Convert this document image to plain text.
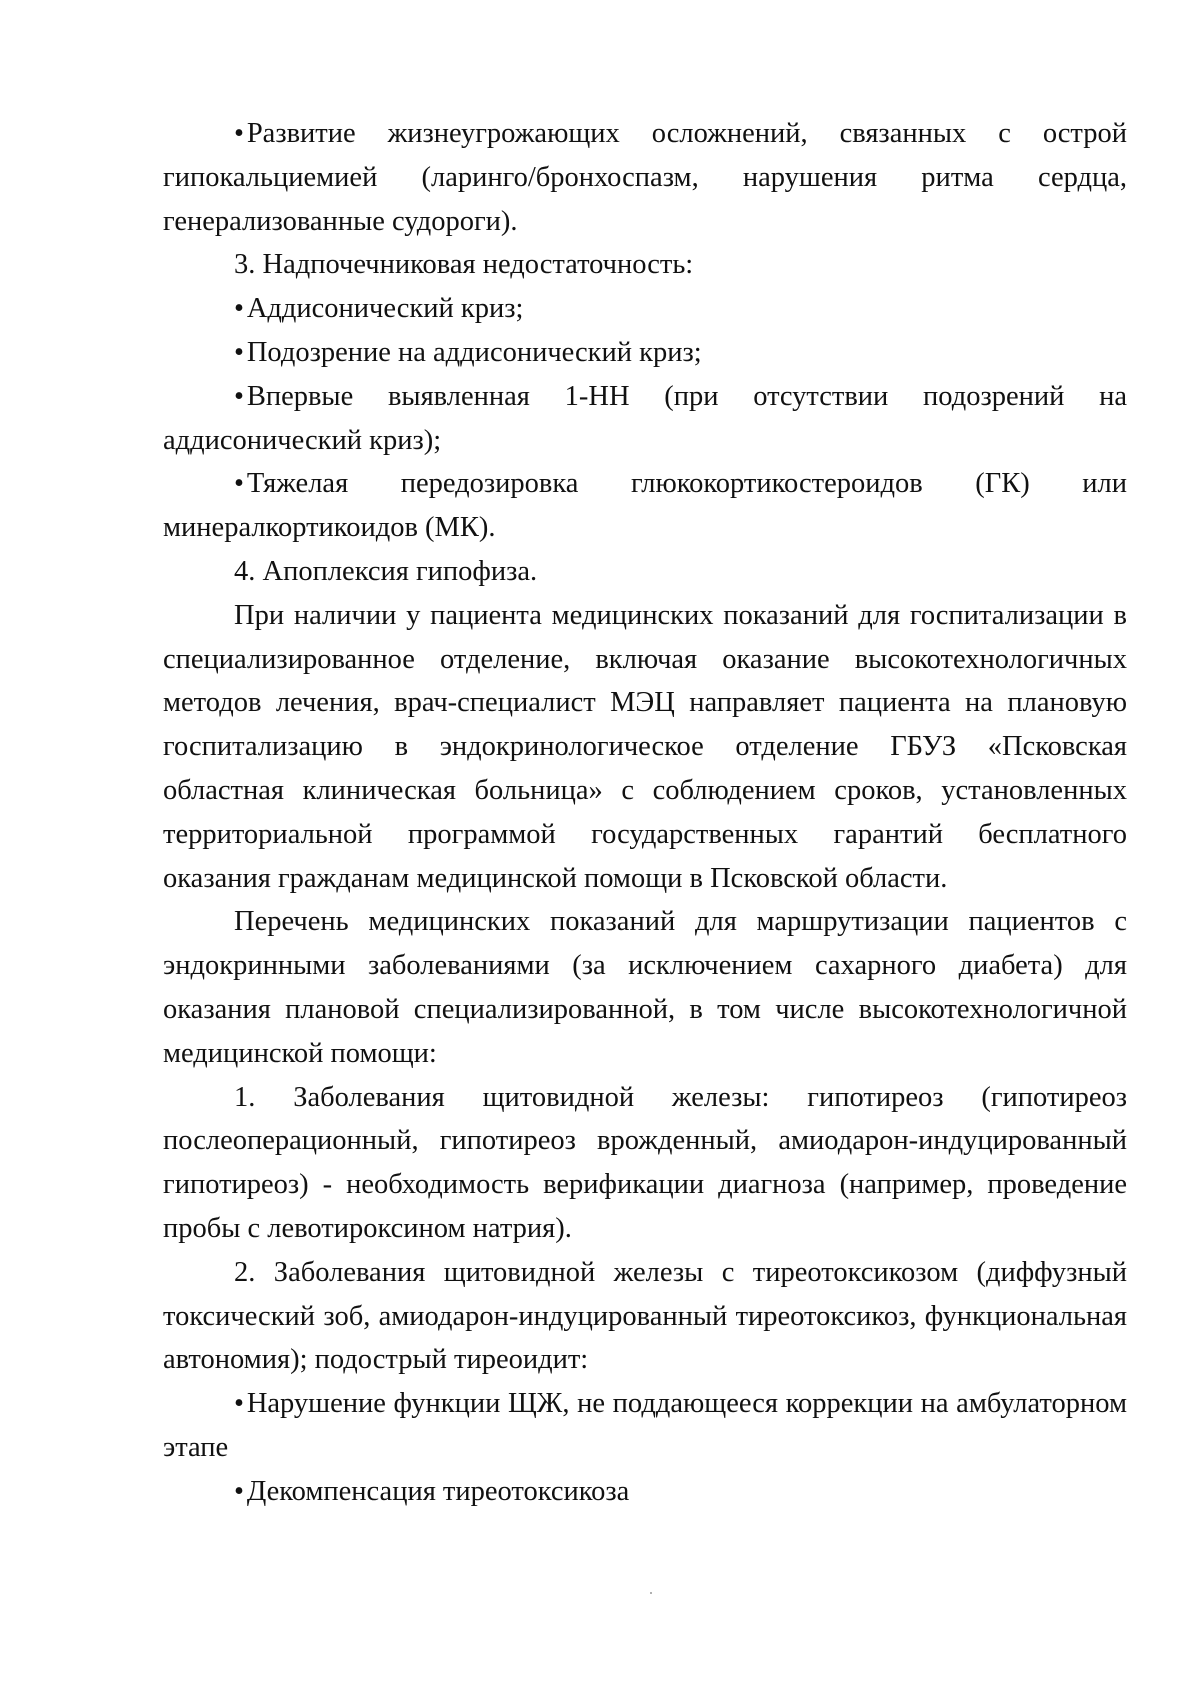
•Развитие жизнеугрожающих осложнений, связанных с острой гипокальциемией (ларинго/бронхоспазм, нарушения ритма сердца, генерализованные судороги).

3. Надпочечниковая недостаточность:

•Аддисонический криз;

•Подозрение на аддисонический криз;

•Впервые выявленная 1-НН (при отсутствии подозрений на аддисонический криз);

•Тяжелая передозировка глюкокортикостероидов (ГК) или минералкортикоидов (МК).

4. Апоплексия гипофиза.

При наличии у пациента медицинских показаний для госпитализации в специализированное отделение, включая оказание высокотехнологичных методов лечения, врач-специалист МЭЦ направляет пациента на плановую госпитализацию в эндокринологическое отделение ГБУЗ «Псковская областная клиническая больница» с соблюдением сроков, установленных территориальной программой государственных гарантий бесплатного оказания гражданам медицинской помощи в Псковской области.

Перечень медицинских показаний для маршрутизации пациентов с эндокринными заболеваниями (за исключением сахарного диабета) для оказания плановой специализированной, в том числе высокотехнологичной медицинской помощи:

1. Заболевания щитовидной железы: гипотиреоз (гипотиреоз послеоперационный, гипотиреоз врожденный, амиодарон-индуцированный гипотиреоз) - необходимость верификации диагноза (например, проведение пробы с левотироксином натрия).

2. Заболевания щитовидной железы с тиреотоксикозом (диффузный токсический зоб, амиодарон-индуцированный тиреотоксикоз, функциональная автономия); подострый тиреоидит:

•Нарушение функции ЩЖ, не поддающееся коррекции на амбулаторном этапе

•Декомпенсация тиреотоксикоза
